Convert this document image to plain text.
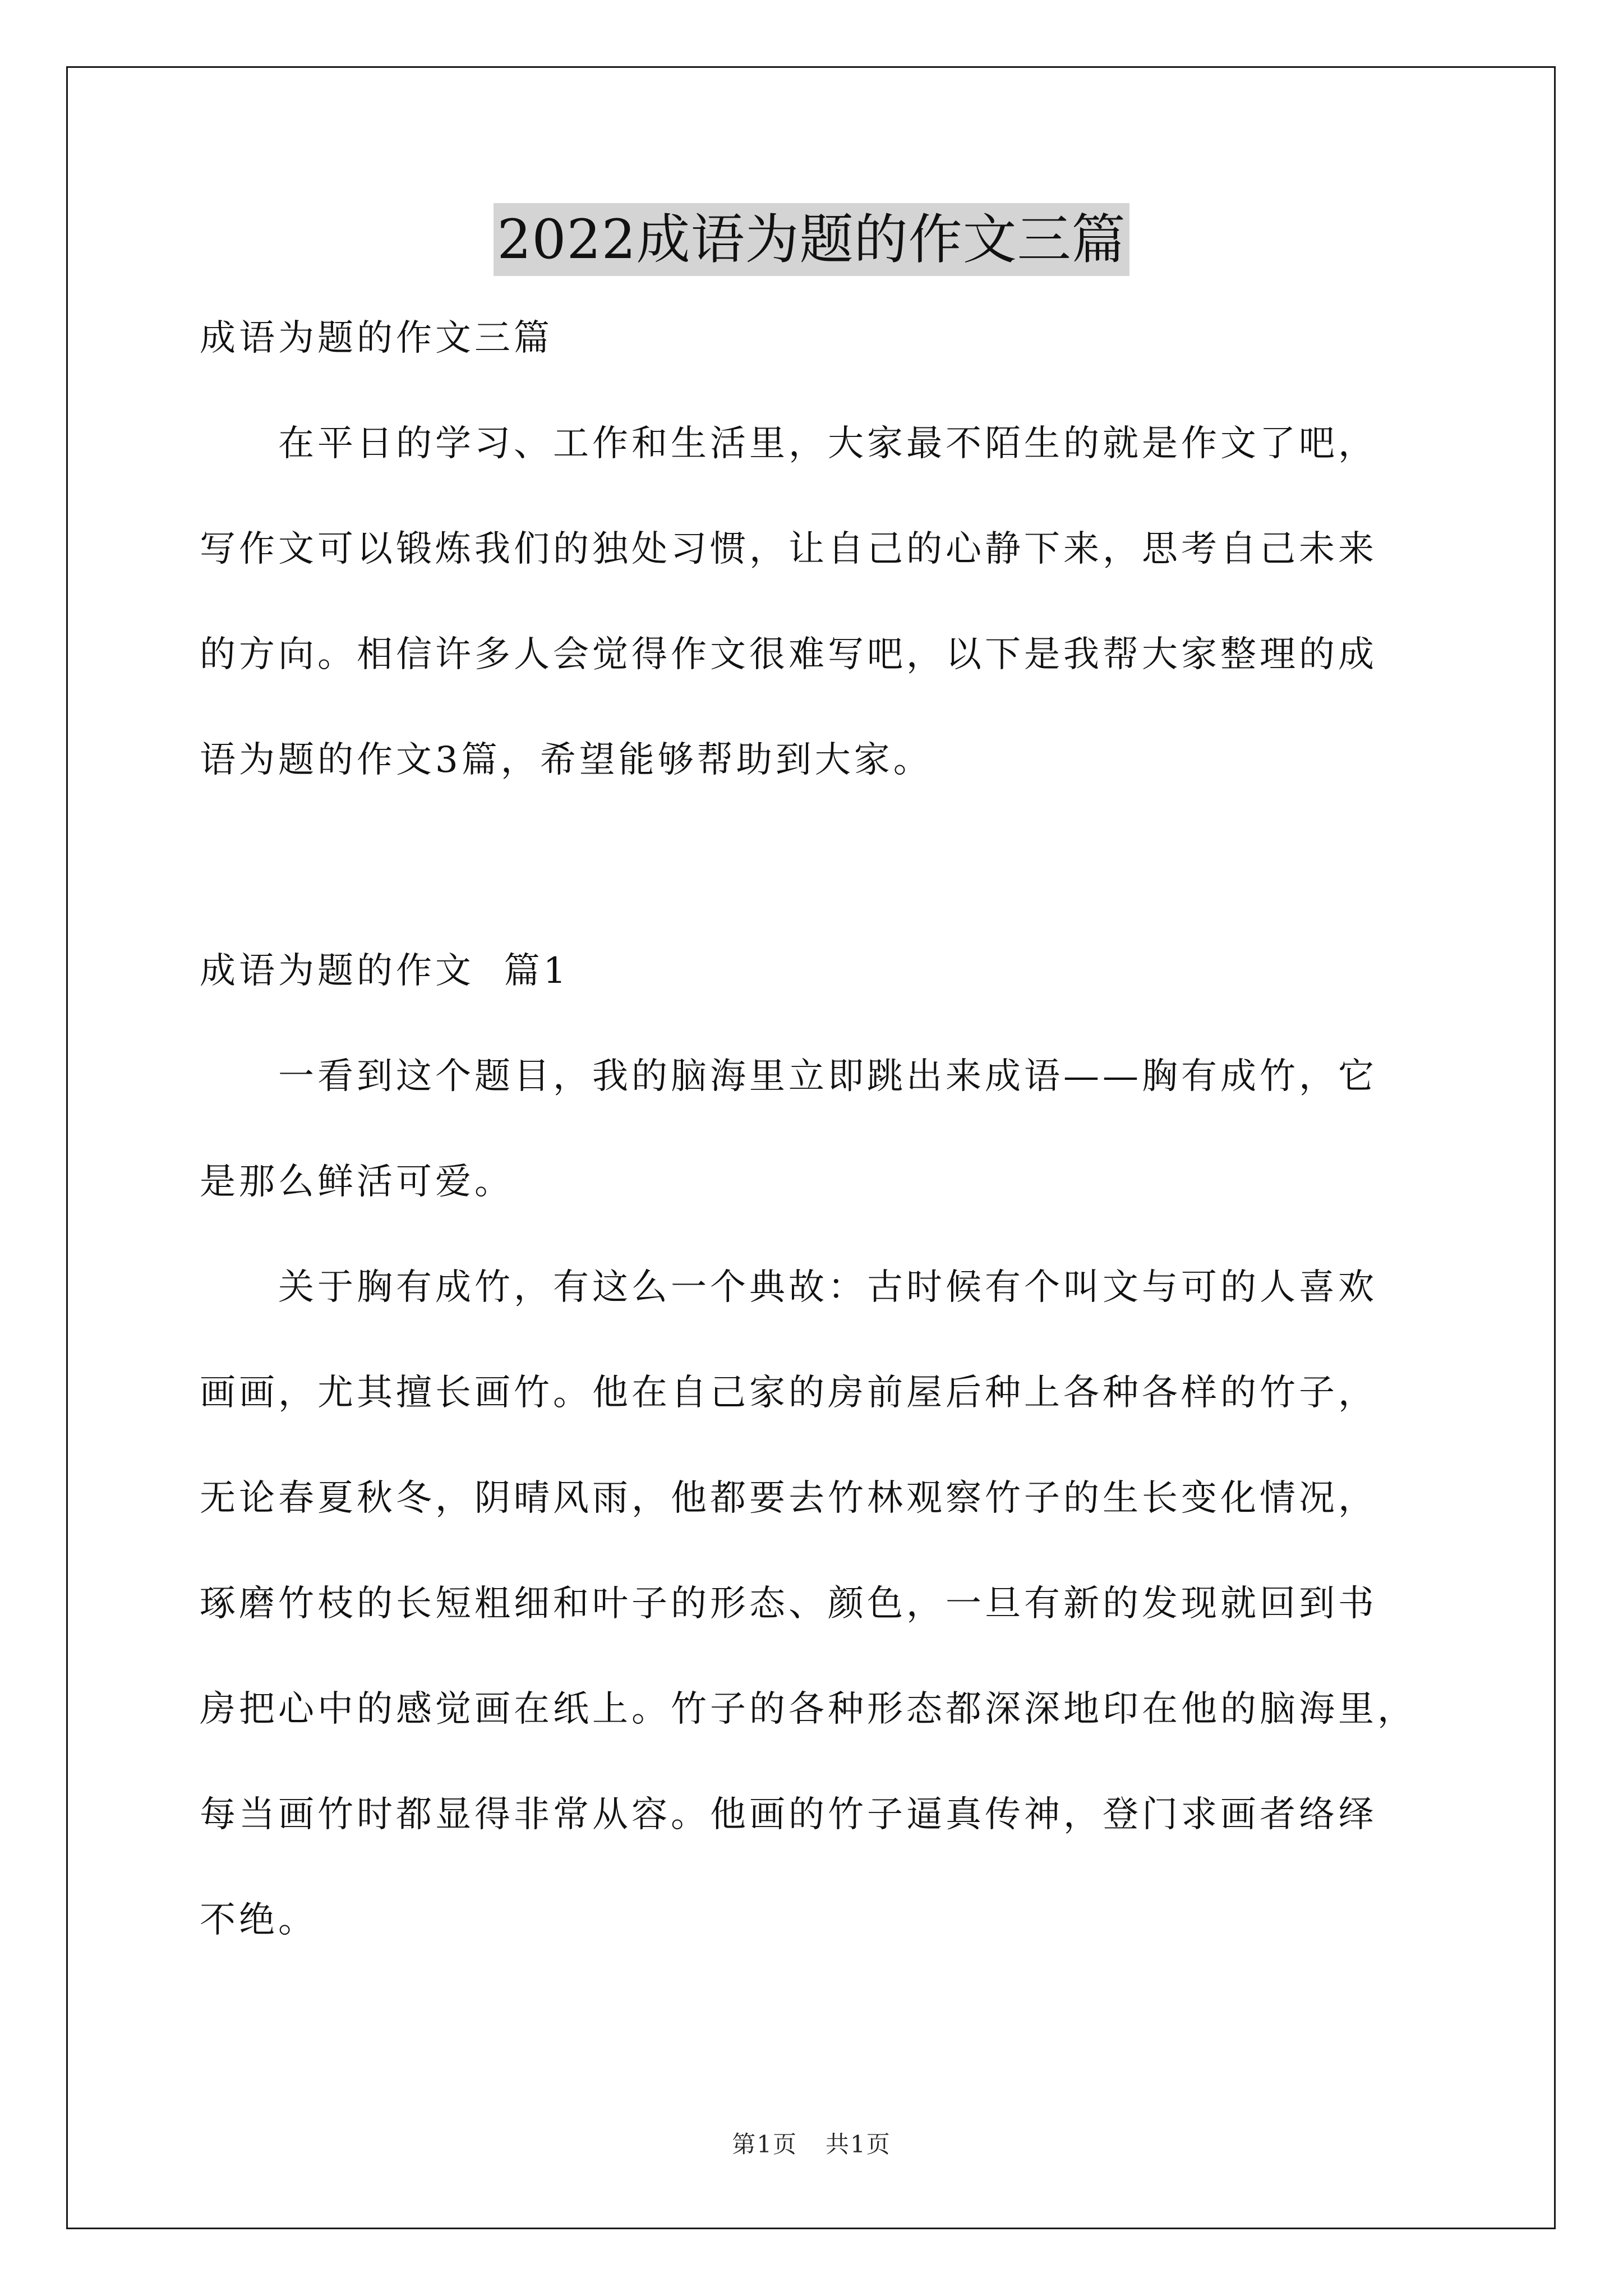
2022成语为题的作文三篇
成语为题的作文三篇
在平日的学习、工作和生活里，大家最不陌生的就是作文了吧，
写作文可以锻炼我们的独处习惯，让自己的心静下来，思考自己未来
的方向。相信许多人会觉得作文很难写吧，以下是我帮大家整理的成
语为题的作文3篇，希望能够帮助到大家。
成语为题的作文  篇1
一看到这个题目，我的脑海里立即跳出来成语——胸有成竹，它
是那么鲜活可爱。
关于胸有成竹，有这么一个典故：古时候有个叫文与可的人喜欢
画画，尤其擅长画竹。他在自己家的房前屋后种上各种各样的竹子，
无论春夏秋冬，阴晴风雨，他都要去竹林观察竹子的生长变化情况，
琢磨竹枝的长短粗细和叶子的形态、颜色，一旦有新的发现就回到书
房把心中的感觉画在纸上。竹子的各种形态都深深地印在他的脑海里，
每当画竹时都显得非常从容。他画的竹子逼真传神，登门求画者络绎
不绝。
第1页 共1页
